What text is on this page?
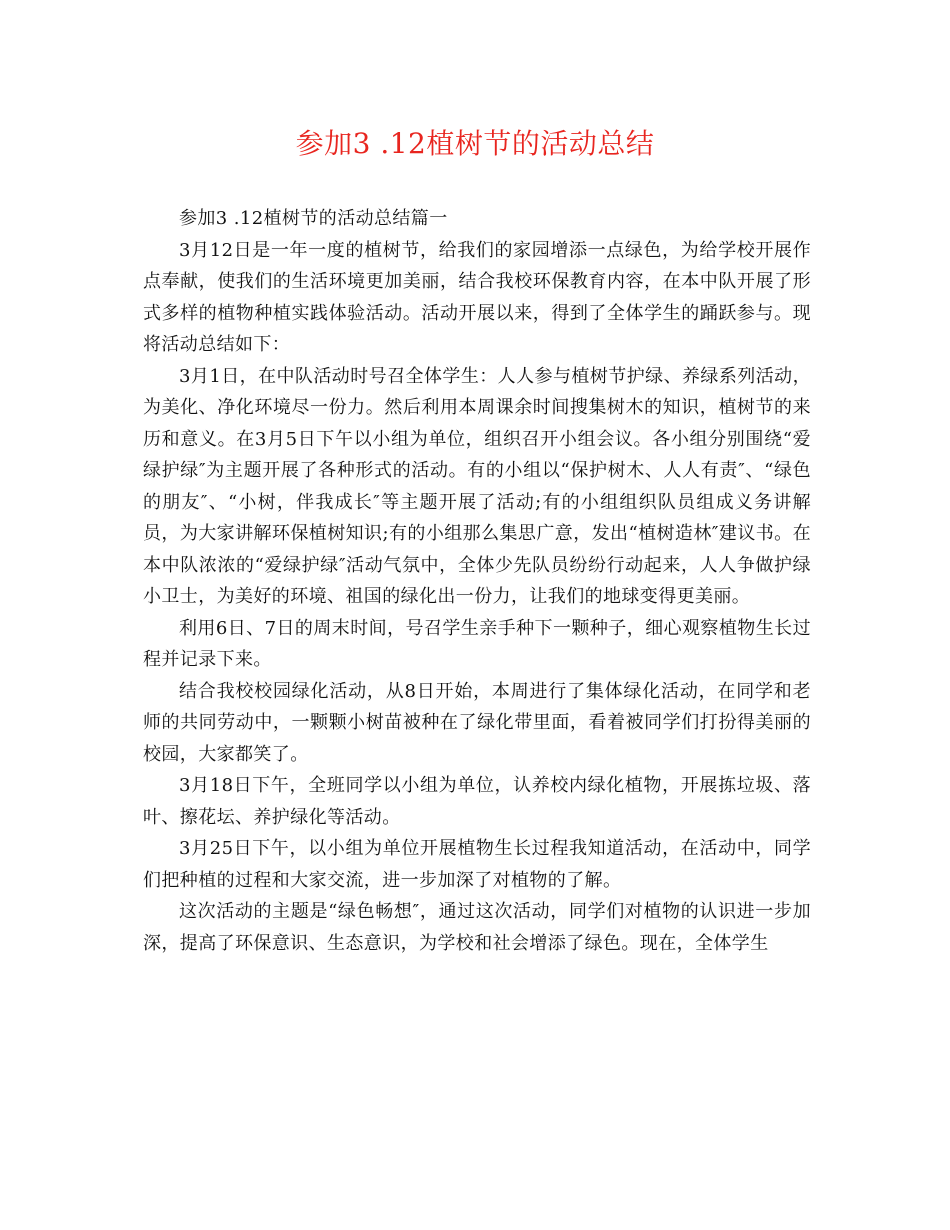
参加3 .12植树节的活动总结

参加3 .12植树节的活动总结篇一

3月12日是一年一度的植树节，给我们的家园增添一点绿色，为给学校开展作点奉献，使我们的生活环境更加美丽，结合我校环保教育内容，在本中队开展了形式多样的植物种植实践体验活动。活动开展以来，得到了全体学生的踊跃参与。现将活动总结如下：

3月1日，在中队活动时号召全体学生：人人参与植树节护绿、养绿系列活动，为美化、净化环境尽一份力。然后利用本周课余时间搜集树木的知识，植树节的来历和意义。在3月5日下午以小组为单位，组织召开小组会议。各小组分别围绕“爱绿护绿″为主题开展了各种形式的活动。有的小组以“保护树木、人人有责″、“绿色的朋友″、“小树，伴我成长″等主题开展了活动;有的小组组织队员组成义务讲解员，为大家讲解环保植树知识;有的小组那么集思广意，发出“植树造林″建议书。在本中队浓浓的“爱绿护绿″活动气氛中，全体少先队员纷纷行动起来，人人争做护绿小卫士，为美好的环境、祖国的绿化出一份力，让我们的地球变得更美丽。

利用6日、7日的周末时间，号召学生亲手种下一颗种子，细心观察植物生长过程并记录下来。

结合我校校园绿化活动，从8日开始，本周进行了集体绿化活动，在同学和老师的共同劳动中，一颗颗小树苗被种在了绿化带里面，看着被同学们打扮得美丽的校园，大家都笑了。

3月18日下午，全班同学以小组为单位，认养校内绿化植物，开展拣垃圾、落叶、擦花坛、养护绿化等活动。

3月25日下午，以小组为单位开展植物生长过程我知道活动，在活动中，同学们把种植的过程和大家交流，进一步加深了对植物的了解。

这次活动的主题是“绿色畅想″，通过这次活动，同学们对植物的认识进一步加深，提高了环保意识、生态意识，为学校和社会增添了绿色。现在，全体学生
